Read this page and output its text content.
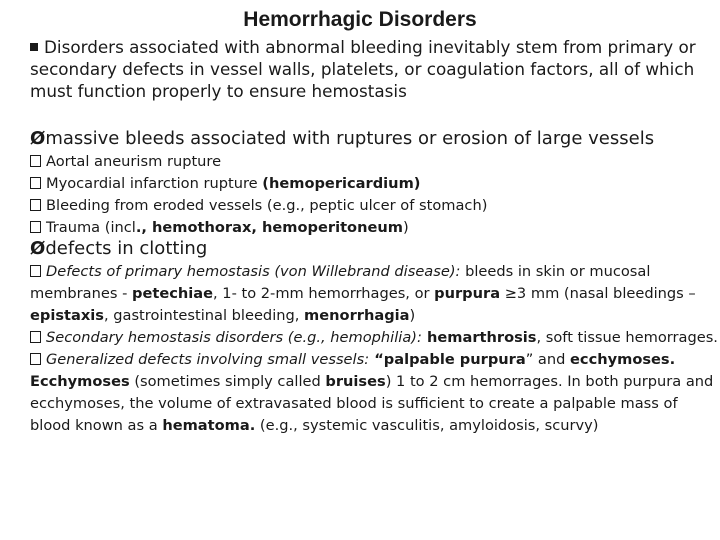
Hemorrhagic Disorders
Disorders associated with abnormal bleeding inevitably stem from primary or secondary defects in vessel walls, platelets, or coagulation factors, all of which must function properly to ensure hemostasis
Ømassive bleeds associated with ruptures or erosion of large vessels
Aortal aneurism rupture
Myocardial infarction rupture (hemopericardium)
Bleeding from eroded vessels (e.g., peptic ulcer of stomach)
Trauma (incl., hemothorax, hemoperitoneum)
Ødefects in clotting
Defects of primary hemostasis (von Willebrand disease): bleeds in skin or mucosal membranes - petechiae, 1- to 2-mm hemorrhages, or purpura ≥3 mm (nasal bleedings – epistaxis, gastrointestinal bleeding, menorrhagia)
Secondary hemostasis disorders (e.g., hemophilia): hemarthrosis, soft tissue hemorrages.
Generalized defects involving small vessels: “palpable purpura” and ecchymoses. Ecchymoses (sometimes simply called bruises) 1 to 2 cm hemorrages. In both purpura and ecchymoses, the volume of extravasated blood is sufficient to create a palpable mass of blood known as a hematoma. (e.g., systemic vasculitis, amyloidosis, scurvy)
